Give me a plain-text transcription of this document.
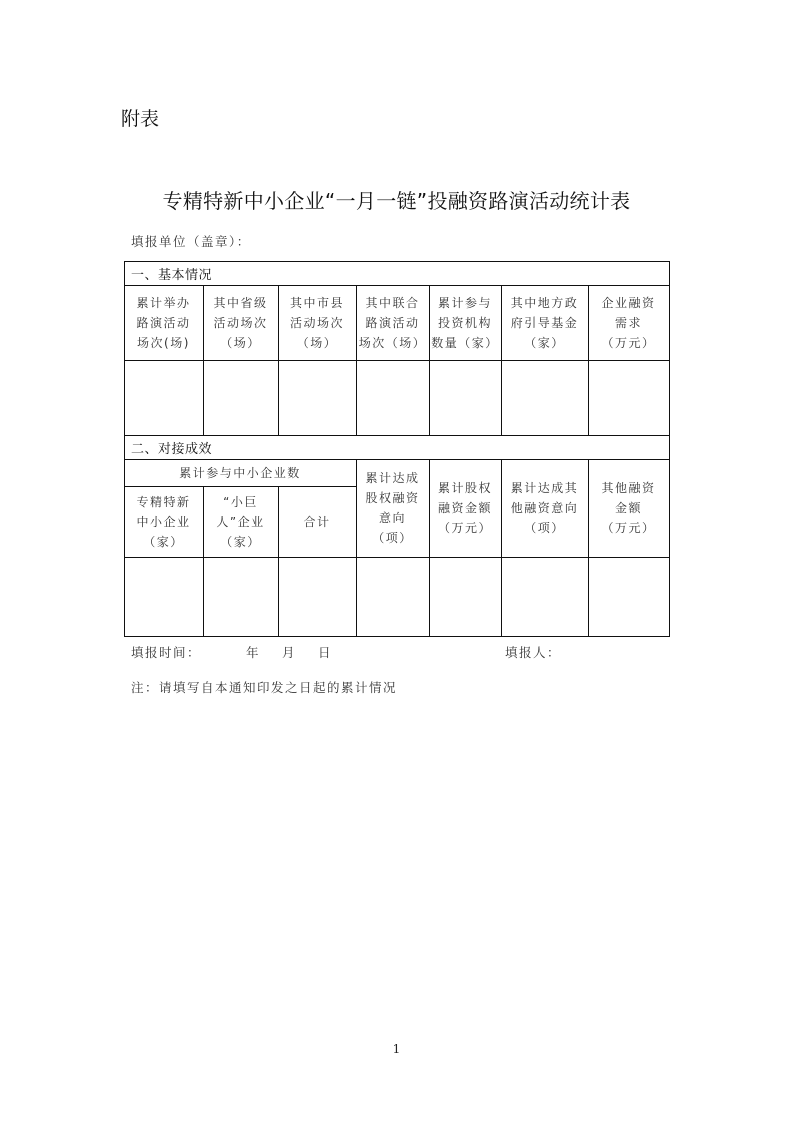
附表
专精特新中小企业“一月一链”投融资路演活动统计表
填报单位（盖章）：
一、基本情况
累计举办
路演活动
场次(场)
其中省级
活动场次
（场）
其中市县
活动场次
（场）
其中联合
路演活动
场次（场）
累计参与
投资机构
数量（家）
其中地方政
府引导基金
（家）
企业融资
需求
（万元）
二、对接成效
累计参与中小企业数
专精特新
中小企业
（家）
“小巨
人”企业
（家）
合计
累计达成
股权融资
意向
（项）
累计股权
融资金额
（万元）
累计达成其
他融资意向
（项）
其他融资
金额
（万元）
填报时间：	年 月 日	填报人：
注：请填写自本通知印发之日起的累计情况
1
